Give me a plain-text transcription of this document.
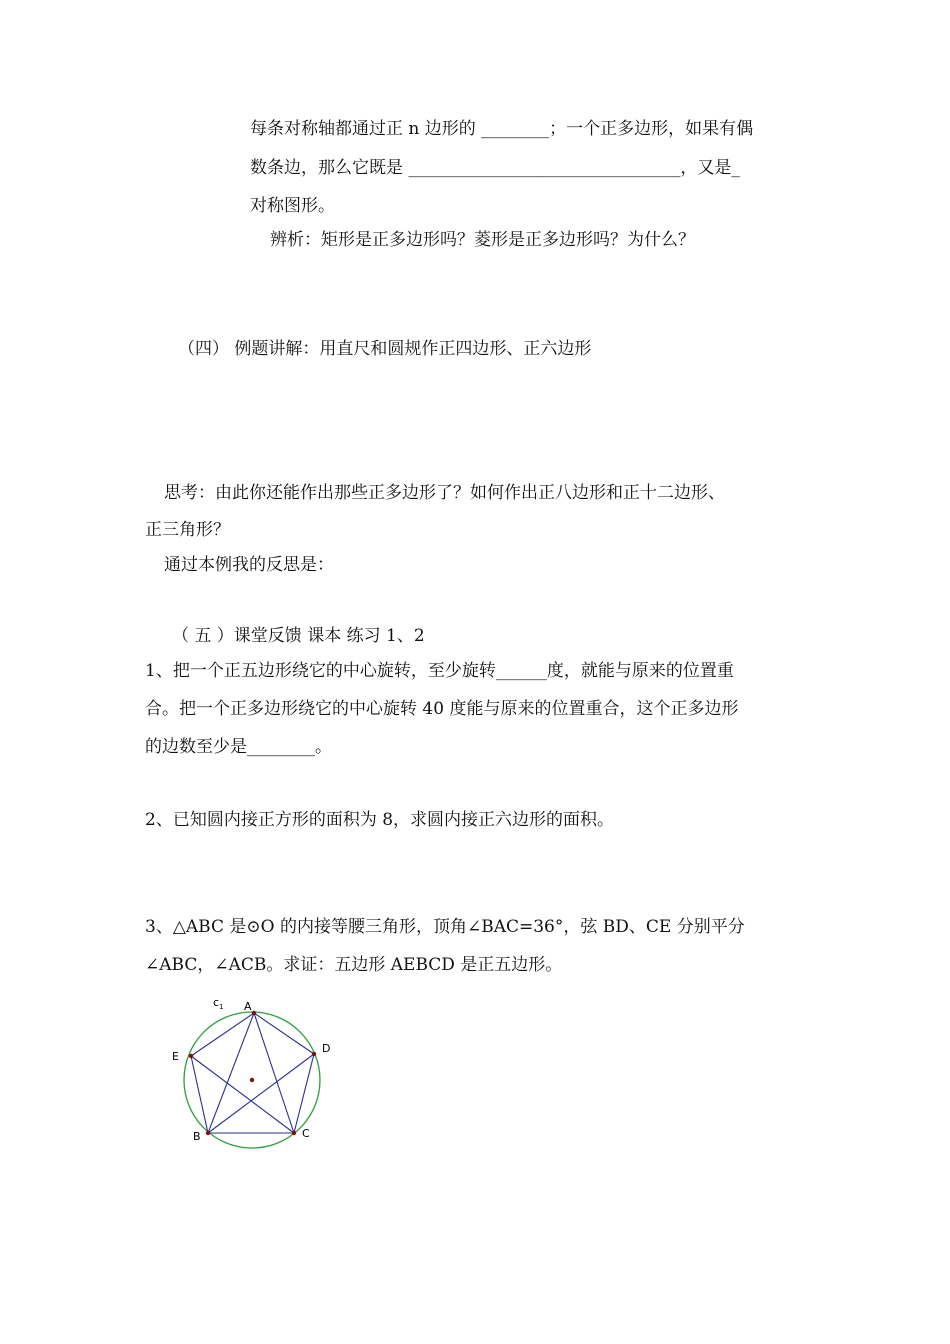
每条对称轴都通过正 n 边形的 ________；一个正多边形，如果有偶
数条边，那么它既是 ________________________________，又是_
对称图形。
辨析：矩形是正多边形吗？菱形是正多边形吗？为什么？
（四） 例题讲解：用直尺和圆规作正四边形、正六边形
思考：由此你还能作出那些正多边形了？如何作出正八边形和正十二边形、
正三角形？
通过本例我的反思是：
（ 五 ）课堂反馈 课本 练习 1、2
1、把一个正五边形绕它的中心旋转，至少旋转______度，就能与原来的位置重
合。把一个正多边形绕它的中心旋转 40 度能与原来的位置重合，这个正多边形
的边数至少是________。
2、已知圆内接正方形的面积为 8，求圆内接正六边形的面积。
3、△ABC 是⊙O 的内接等腰三角形，顶角∠BAC=36°，弦 BD、CE 分别平分
∠ABC，∠ACB。求证：五边形 AEBCD 是正五边形。
$c_1$ A
E
B	C
D
